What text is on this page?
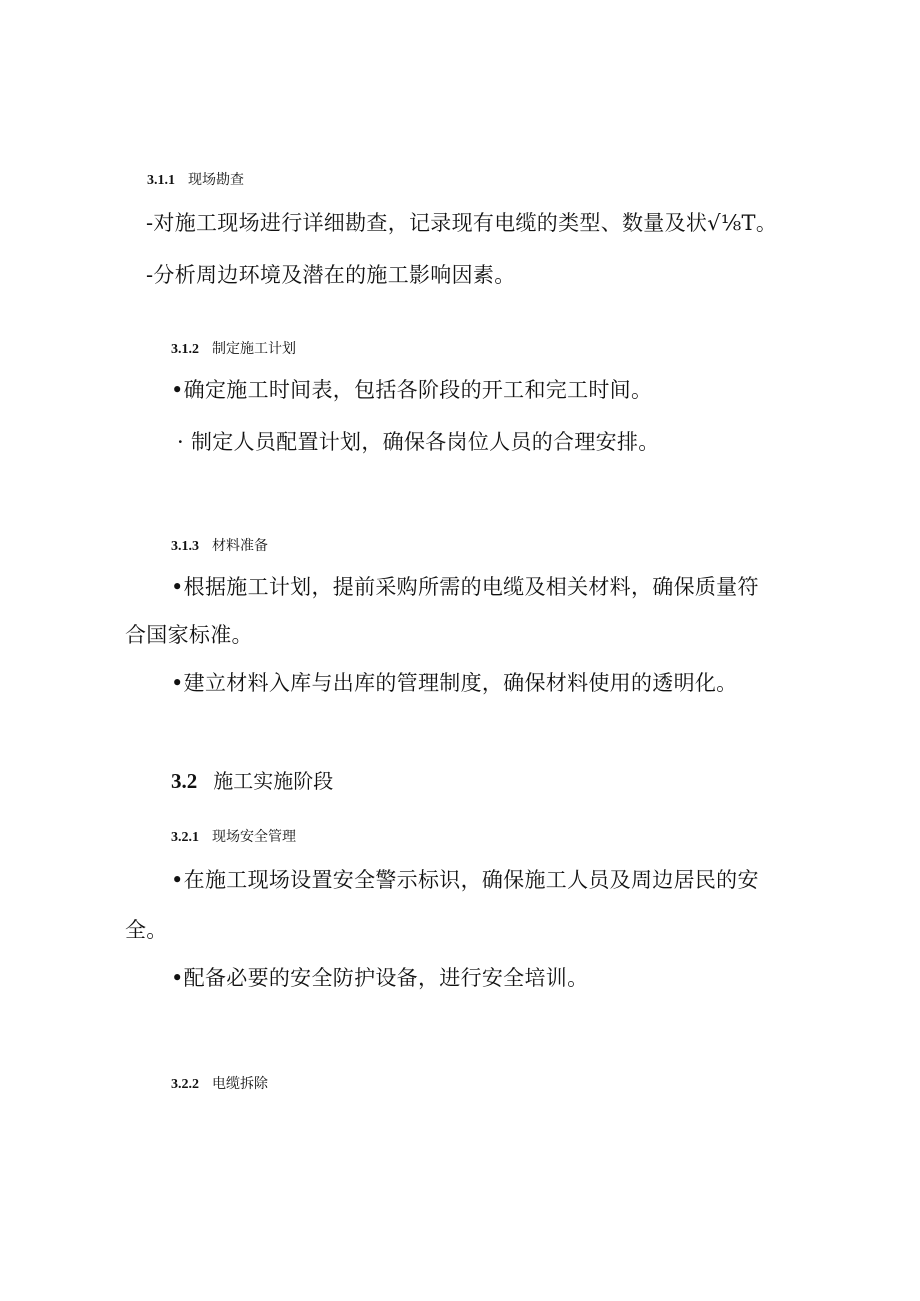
3.1.1 现场勘查
-对施工现场进行详细勘查，记录现有电缆的类型、数量及状√⅛T。
-分析周边环境及潜在的施工影响因素。
3.1.2 制定施工计划
•确定施工时间表，包括各阶段的开工和完工时间。
· 制定人员配置计划，确保各岗位人员的合理安排。
3.1.3 材料准备
•根据施工计划，提前采购所需的电缆及相关材料，确保质量符
合国家标准。
•建立材料入库与出库的管理制度，确保材料使用的透明化。
3.2 施工实施阶段
3.2.1 现场安全管理
•在施工现场设置安全警示标识，确保施工人员及周边居民的安
全。
•配备必要的安全防护设备，进行安全培训。
3.2.2 电缆拆除
